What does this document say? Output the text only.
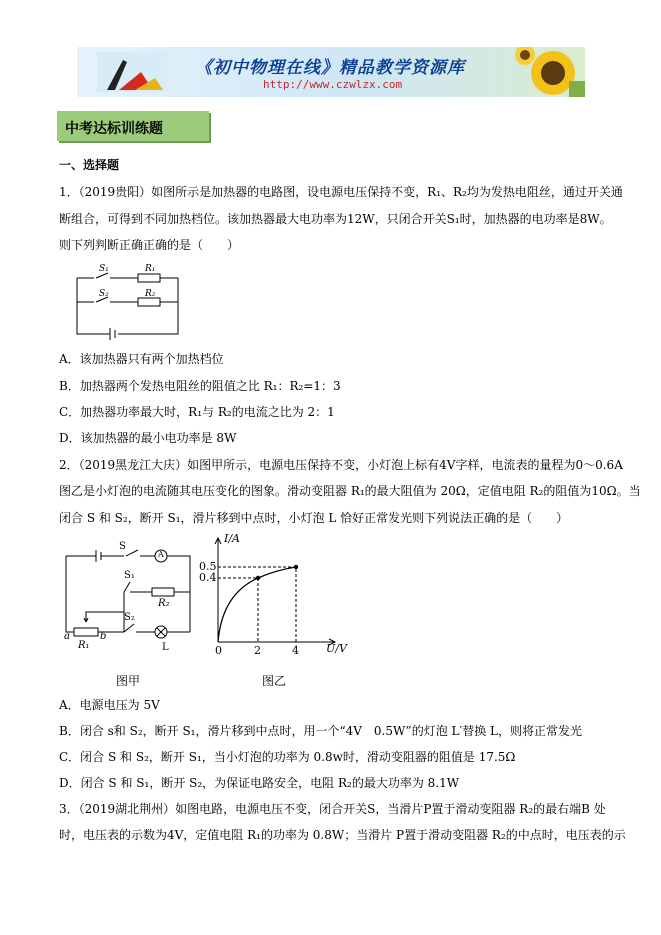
《初中物理在线》精品教学资源库
http://www.czwlzx.com
中考达标训练题
一、选择题
1．（2019贵阳）如图所示是加热器的电路图，设电源电压保持不变，R₁、R₂均为发热电阻丝，通过开关通
断组合，可得到不同加热档位。该加热器最大电功率为12W，只闭合开关S₁时，加热器的电功率是8W。
则下列判断正确正确的是（　　）
S₁	R₁
S₂	R₂
A．该加热器只有两个加热档位
B．加热器两个发热电阻丝的阻值之比 R₁：R₂=1：3
C．加热器功率最大时，R₁与 R₂的电流之比为 2：1
D．该加热器的最小电功率是 8W
2．（2019黑龙江大庆）如图甲所示，电源电压保持不变，小灯泡上标有4V字样，电流表的量程为0～0.6A
图乙是小灯泡的电流随其电压变化的图象。滑动变阻器 R₁的最大阻值为 20Ω，定值电阻 R₂的阻值为10Ω。当
闭合 S 和 S₂，断开 S₁，滑片移到中点时，小灯泡 L 恰好正常发光则下列说法正确的是（　　）
S
A
S₁
R₂
S₂
L
a	b
R₁
I/A
U/V
0.5
0.4
0	2	4
图甲	图乙
A．电源电压为 5V
B．闭合 s和 S₂，断开 S₁，滑片移到中点时，用一个“4V　0.5W”的灯泡 L′替换 L，则将正常发光
C．闭合 S 和 S₂，断开 S₁，当小灯泡的功率为 0.8w时，滑动变阻器的阻值是 17.5Ω
D．闭合 S 和 S₁，断开 S₂，为保证电路安全，电阻 R₂的最大功率为 8.1W
3．（2019湖北荆州）如图电路，电源电压不变，闭合开关S，当滑片P置于滑动变阻器 R₂的最右端B 处
时，电压表的示数为4V，定值电阻 R₁的功率为 0.8W；当滑片 P置于滑动变阻器 R₂的中点时，电压表的示
